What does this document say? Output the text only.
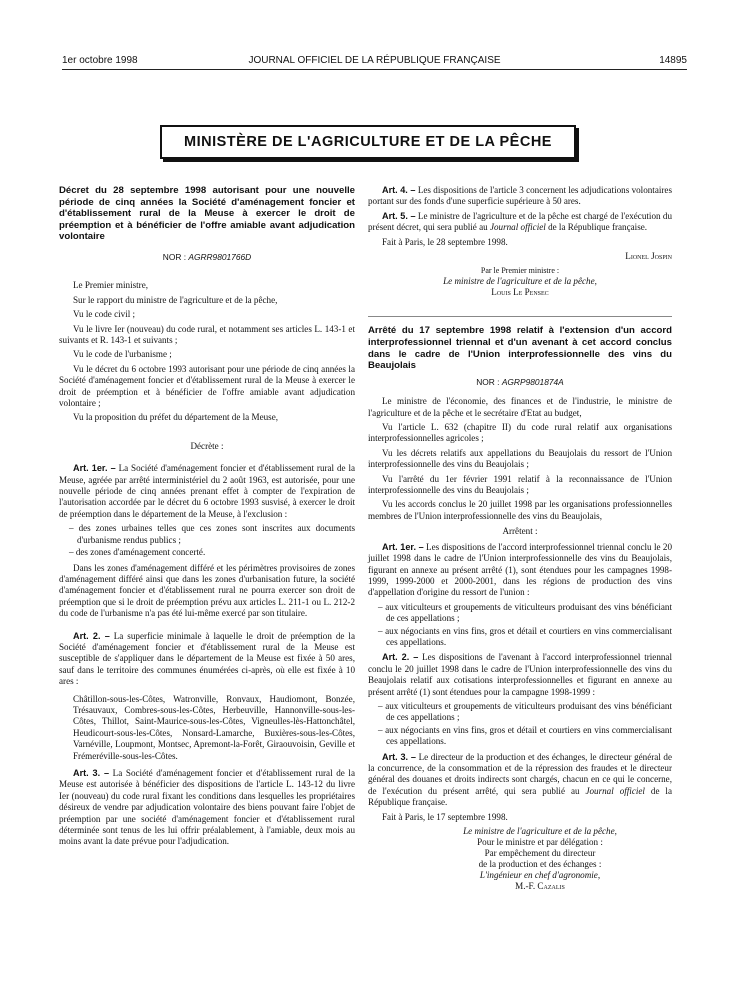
1er octobre 1998	JOURNAL OFFICIEL DE LA RÉPUBLIQUE FRANÇAISE	14895
MINISTÈRE DE L'AGRICULTURE ET DE LA PÊCHE

Décret du 28 septembre 1998 autorisant pour une nouvelle période de cinq années la Société d'aménagement foncier et d'établissement rural de la Meuse à exercer le droit de préemption et à bénéficier de l'offre amiable avant adjudication volontaire

NOR : AGRR9801766D

Le Premier ministre,

Sur le rapport du ministre de l'agriculture et de la pêche,

Vu le code civil ;

Vu le livre Ier (nouveau) du code rural, et notamment ses articles L. 143-1 et suivants et R. 143-1 et suivants ;

Vu le code de l'urbanisme ;

Vu le décret du 6 octobre 1993 autorisant pour une période de cinq années la Société d'aménagement foncier et d'établissement rural de la Meuse à exercer le droit de préemption et à bénéficier de l'offre amiable avant adjudication volontaire ;

Vu la proposition du préfet du département de la Meuse,

Décrète :

Art. 1er. – La Société d'aménagement foncier et d'établissement rural de la Meuse, agréée par arrêté interministériel du 2 août 1963, est autorisée, pour une nouvelle période de cinq années prenant effet à compter de l'expiration de l'autorisation accordée par le décret du 6 octobre 1993 susvisé, à exercer le droit de préemption dans le département de la Meuse, à l'exclusion :

– des zones urbaines telles que ces zones sont inscrites aux documents d'urbanisme rendus publics ;
– des zones d'aménagement concerté.

Dans les zones d'aménagement différé et les périmètres provisoires de zones d'aménagement différé ainsi que dans les zones d'urbanisation future, la société d'aménagement foncier et d'établissement rural ne pourra exercer son droit de préemption que si le droit de préemption prévu aux articles L. 211-1 ou L. 212-2 du code de l'urbanisme n'a pas été lui-même exercé par son titulaire.

Art. 2. – La superficie minimale à laquelle le droit de préemption de la Société d'aménagement foncier et d'établissement rural de la Meuse est susceptible de s'appliquer dans le département de la Meuse est fixée à 50 ares, sauf dans le territoire des communes énumérées ci-après, où elle est fixée à 10 ares :

Châtillon-sous-les-Côtes, Watronville, Ronvaux, Haudiomont, Bonzée, Trésauvaux, Combres-sous-les-Côtes, Herbeuville, Hannonville-sous-les-Côtes, Thillot, Saint-Maurice-sous-les-Côtes, Vigneulles-lès-Hattonchâtel, Heudicourt-sous-les-Côtes, Nonsard-Lamarche, Buxières-sous-les-Côtes, Varnéville, Loupmont, Montsec, Apremont-la-Forêt, Giraouvoisin, Geville et Frémeréville-sous-les-Côtes.

Art. 3. – La Société d'aménagement foncier et d'établissement rural de la Meuse est autorisée à bénéficier des dispositions de l'article L. 143-12 du livre Ier (nouveau) du code rural fixant les conditions dans lesquelles les propriétaires désireux de vendre par adjudication volontaire des biens pouvant faire l'objet de préemption par une société d'aménagement foncier et d'établissement rural déterminée sont tenus de les lui offrir préalablement, à l'amiable, deux mois au moins avant la date prévue pour l'adjudication.

Art. 4. – Les dispositions de l'article 3 concernent les adjudications volontaires portant sur des fonds d'une superficie supérieure à 50 ares.

Art. 5. – Le ministre de l'agriculture et de la pêche est chargé de l'exécution du présent décret, qui sera publié au Journal officiel de la République française.

Fait à Paris, le 28 septembre 1998.

Lionel Jospin

Par le Premier ministre :

Le ministre de l'agriculture et de la pêche,

Louis Le Pensec

Arrêté du 17 septembre 1998 relatif à l'extension d'un accord interprofessionnel triennal et d'un avenant à cet accord conclus dans le cadre de l'Union interprofessionnelle des vins du Beaujolais

NOR : AGRP9801874A

Le ministre de l'économie, des finances et de l'industrie, le ministre de l'agriculture et de la pêche et le secrétaire d'Etat au budget,

Vu l'article L. 632 (chapitre II) du code rural relatif aux organisations interprofessionnelles agricoles ;

Vu les décrets relatifs aux appellations du Beaujolais du ressort de l'Union interprofessionnelle des vins du Beaujolais ;

Vu l'arrêté du 1er février 1991 relatif à la reconnaissance de l'Union interprofessionnelle des vins du Beaujolais ;

Vu les accords conclus le 20 juillet 1998 par les organisations professionnelles membres de l'Union interprofessionnelle des vins du Beaujolais,

Arrêtent :

Art. 1er. – Les dispositions de l'accord interprofessionnel triennal conclu le 20 juillet 1998 dans le cadre de l'Union interprofessionnelle des vins du Beaujolais, figurant en annexe au présent arrêté (1), sont étendues pour les campagnes 1998-1999, 1999-2000 et 2000-2001, dans les régions de production des vins d'appellation d'origine du ressort de l'union :

– aux viticulteurs et groupements de viticulteurs produisant des vins bénéficiant de ces appellations ;
– aux négociants en vins fins, gros et détail et courtiers en vins commercialisant ces appellations.

Art. 2. – Les dispositions de l'avenant à l'accord interprofessionnel triennal conclu le 20 juillet 1998 dans le cadre de l'Union interprofessionnelle des vins du Beaujolais relatif aux cotisations interprofessionnelles et figurant en annexe au présent arrêté (1) sont étendues pour la campagne 1998-1999 :

– aux viticulteurs et groupements de viticulteurs produisant des vins bénéficiant de ces appellations ;
– aux négociants en vins fins, gros et détail et courtiers en vins commercialisant ces appellations.

Art. 3. – Le directeur de la production et des échanges, le directeur général de la concurrence, de la consommation et de la répression des fraudes et le directeur général des douanes et droits indirects sont chargés, chacun en ce qui le concerne, de l'exécution du présent arrêté, qui sera publié au Journal officiel de la République française.

Fait à Paris, le 17 septembre 1998.

Le ministre de l'agriculture et de la pêche,

Pour le ministre et par délégation :

Par empêchement du directeur

de la production et des échanges :

L'ingénieur en chef d'agronomie,

M.-F. Cazalis
